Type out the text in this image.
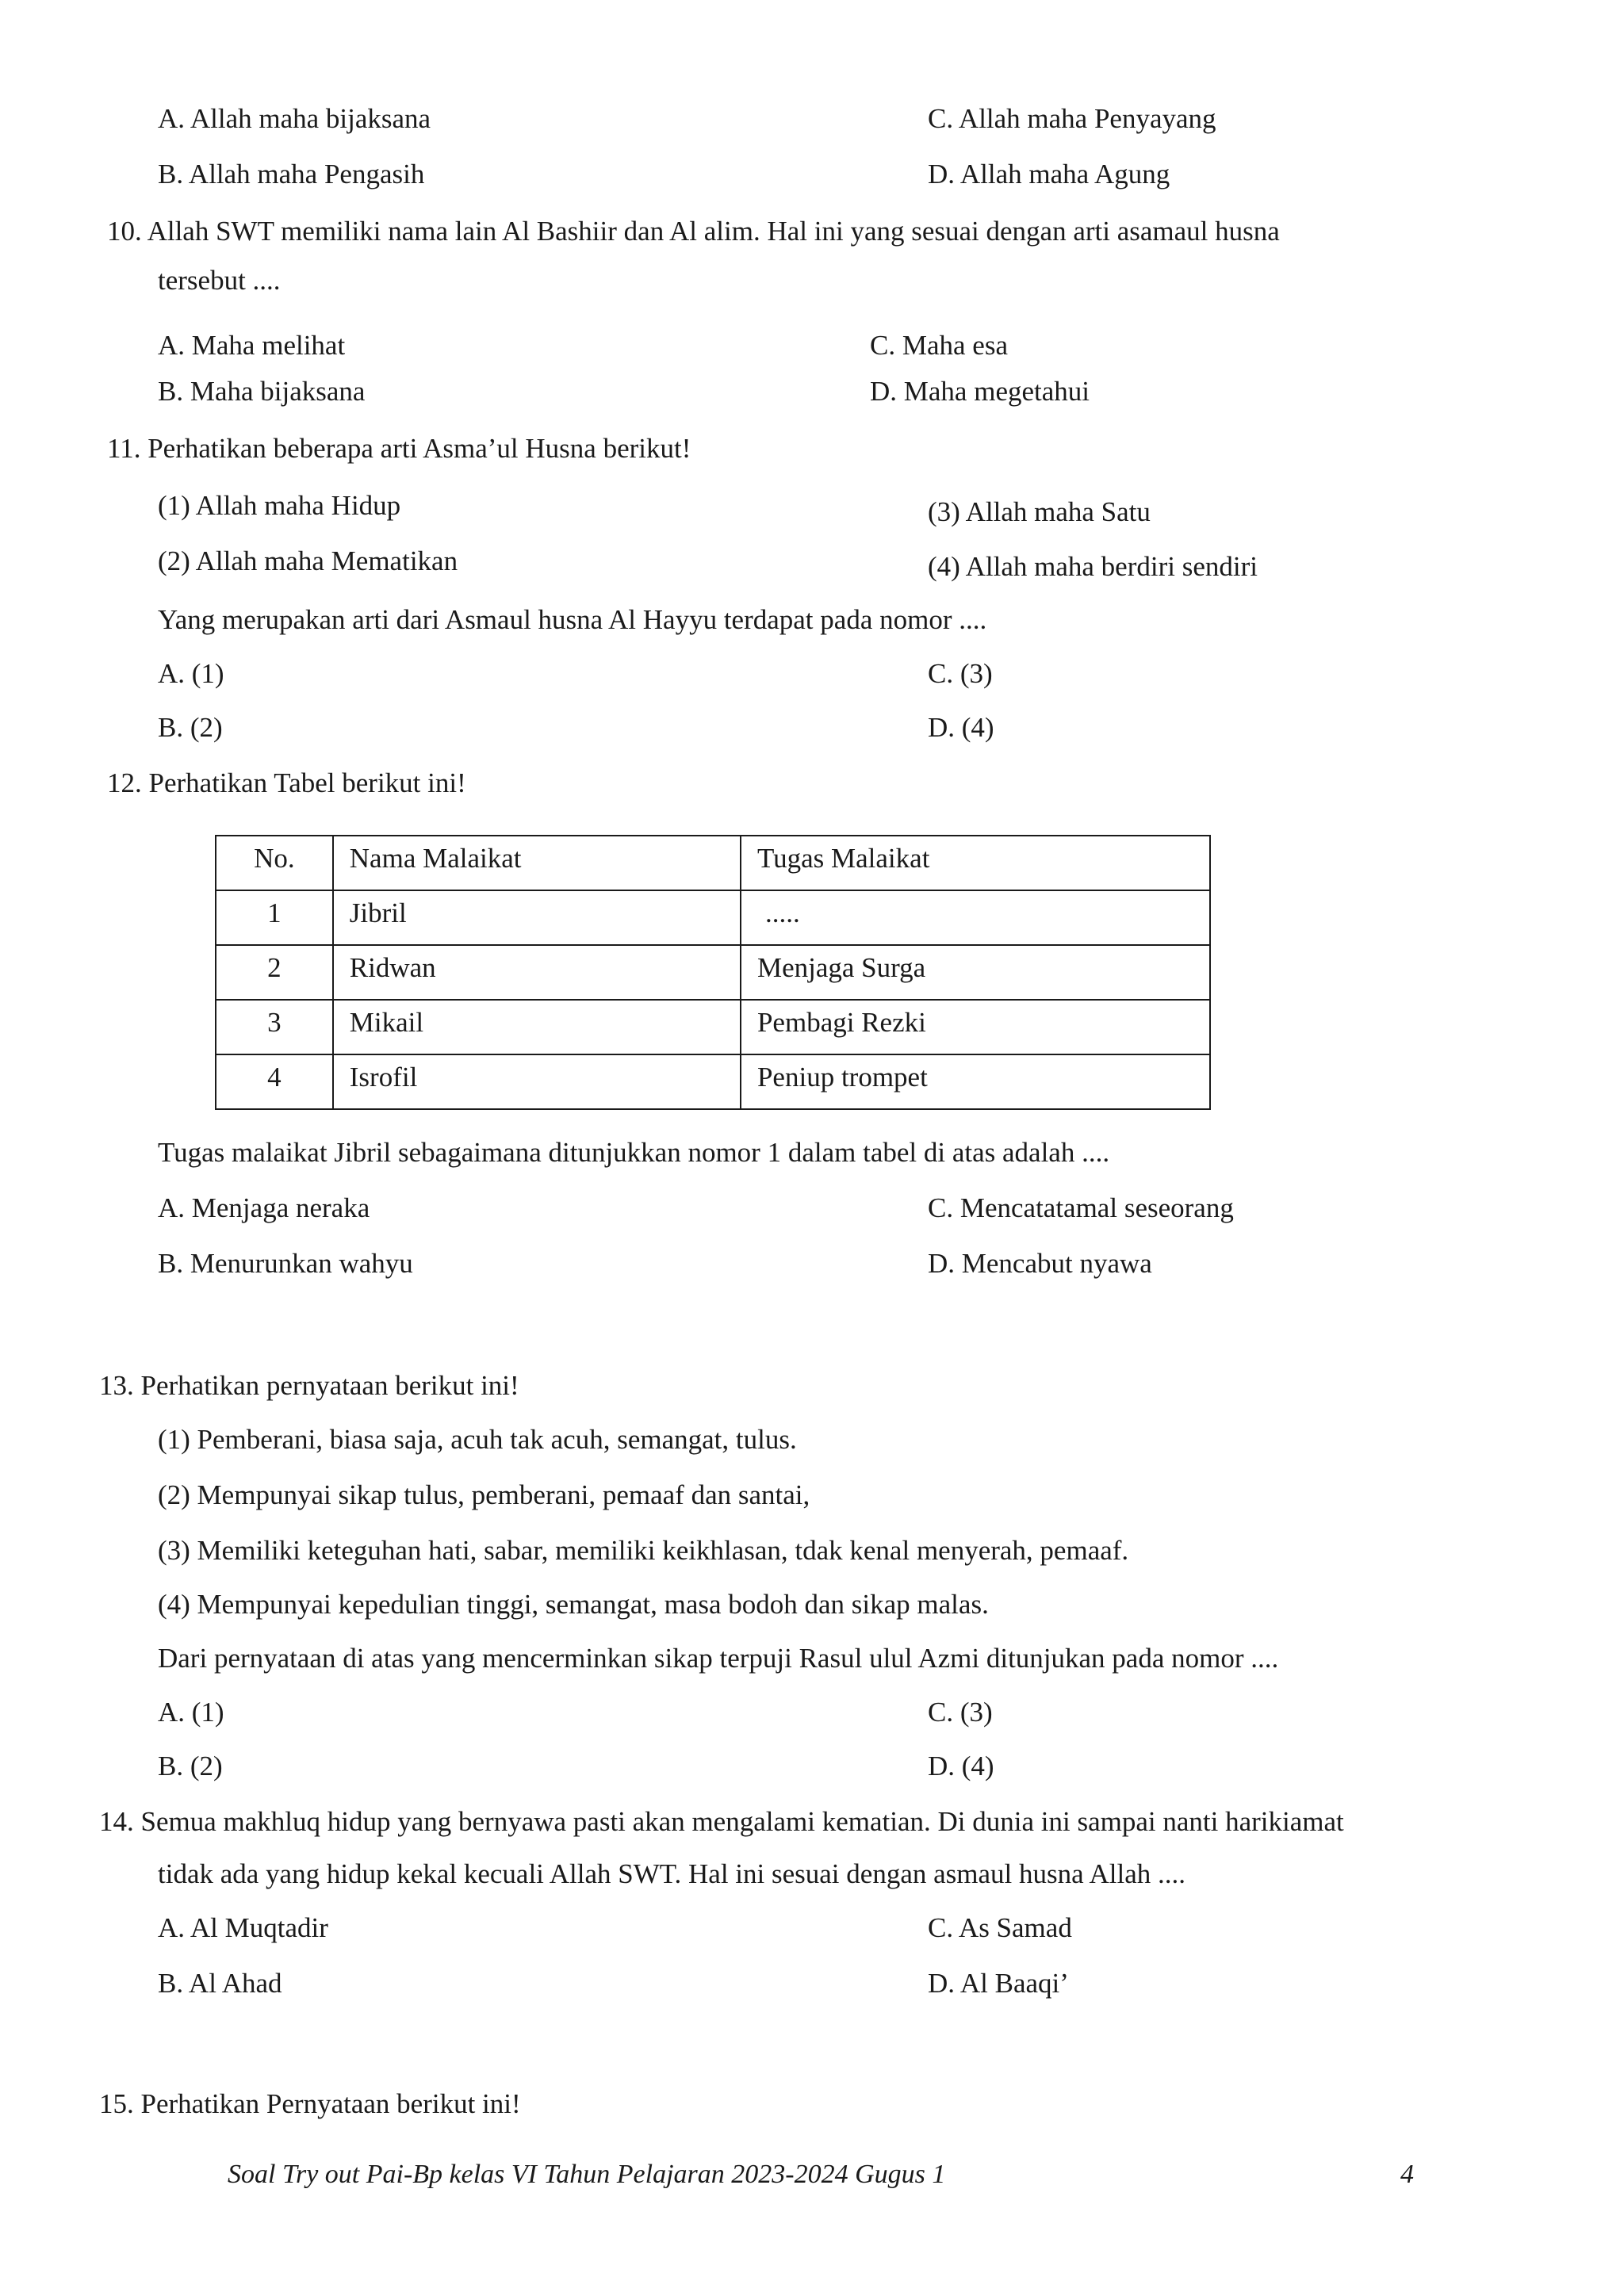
A. Allah maha bijaksana	C. Allah maha Penyayang
B. Allah maha Pengasih	D. Allah maha Agung
10. Allah SWT memiliki nama lain Al Bashiir dan Al alim. Hal ini yang sesuai dengan arti asamaul husna
tersebut ....
A. Maha melihat	C. Maha esa
B. Maha bijaksana	D. Maha megetahui
11. Perhatikan beberapa arti Asma’ul Husna berikut!
(1) Allah maha Hidup	(3) Allah maha Satu
(2) Allah maha Mematikan	(4) Allah maha berdiri sendiri
Yang merupakan arti dari Asmaul husna Al Hayyu terdapat pada nomor ....
A. (1)	C. (3)
B. (2)	D. (4)
12. Perhatikan Tabel berikut ini!
No.	Nama Malaikat	Tugas Malaikat
1	Jibril	.....
2	Ridwan	Menjaga Surga
3	Mikail	Pembagi Rezki
4	Isrofil	Peniup trompet
Tugas malaikat Jibril sebagaimana ditunjukkan nomor 1 dalam tabel di atas adalah ....
A. Menjaga neraka	C. Mencatatamal seseorang
B. Menurunkan wahyu	D. Mencabut nyawa
13. Perhatikan pernyataan berikut ini!
(1) Pemberani, biasa saja, acuh tak acuh, semangat, tulus.
(2) Mempunyai sikap tulus, pemberani, pemaaf dan santai,
(3) Memiliki keteguhan hati, sabar, memiliki keikhlasan, tdak kenal menyerah, pemaaf.
(4) Mempunyai kepedulian tinggi, semangat, masa bodoh dan sikap malas.
Dari pernyataan di atas yang mencerminkan sikap terpuji Rasul ulul Azmi ditunjukan pada nomor ....
A. (1)	C. (3)
B. (2)	D. (4)
14. Semua makhluq hidup yang bernyawa pasti akan mengalami kematian. Di dunia ini sampai nanti harikiamat
tidak ada yang hidup kekal kecuali Allah SWT. Hal ini sesuai dengan asmaul husna Allah ....
A. Al Muqtadir	C. As Samad
B. Al Ahad	D. Al Baaqi’
15. Perhatikan Pernyataan berikut ini!
Soal Try out Pai-Bp kelas VI Tahun Pelajaran 2023-2024 Gugus 1	4
